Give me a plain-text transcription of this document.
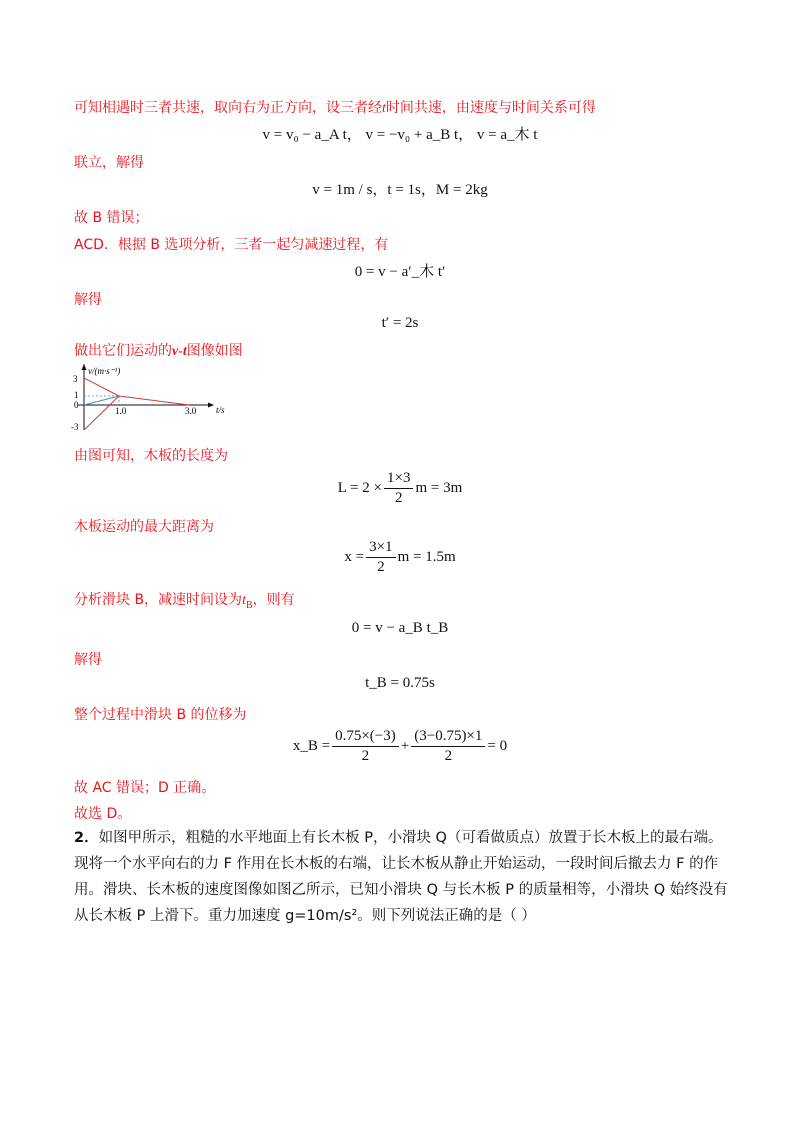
可知相遇时三者共速，取向右为正方向，设三者经t时间共速，由速度与时间关系可得
v = v₀ − a_A t， v = −v₀ + a_B t， v = a_木 t
联立，解得
v = 1m / s，t = 1s，M = 2kg
故 B 错误；
ACD．根据 B 选项分析，三者一起匀减速过程，有
0 = v − a′_木 t′
解得
t′ = 2s
做出它们运动的v-t图像如图
v/(m·s⁻¹)
t/s
3
1
0
-3
1.0	3.0
由图可知，木板的长度为
$L = 2 \times \frac{1\times 3}{2}$ m = 3m
木板运动的最大距离为
$x = \frac{3\times 1}{2}$ m = 1.5m
分析滑块 B，减速时间设为$t_B$，则有
0 = v − a_B t_B
解得
t_B = 0.75s
整个过程中滑块 B 的位移为
x_B = $\frac{0.75\times(-3)}{2} + \frac{(3-0.75)\times 1}{2} = 0$
故 AC 错误；D 正确。
故选 D。
2．如图甲所示，粗糙的水平地面上有长木板 P，小滑块 Q（可看做质点）放置于长木板上的最右端。现将一个水平向右的力 F 作用在长木板的右端，让长木板从静止开始运动，一段时间后撤去力 F 的作用。滑块、长木板的速度图像如图乙所示，已知小滑块 Q 与长木板 P 的质量相等，小滑块 Q 始终没有从长木板 P 上滑下。重力加速度 g=10m/s²。则下列说法正确的是（ ）
